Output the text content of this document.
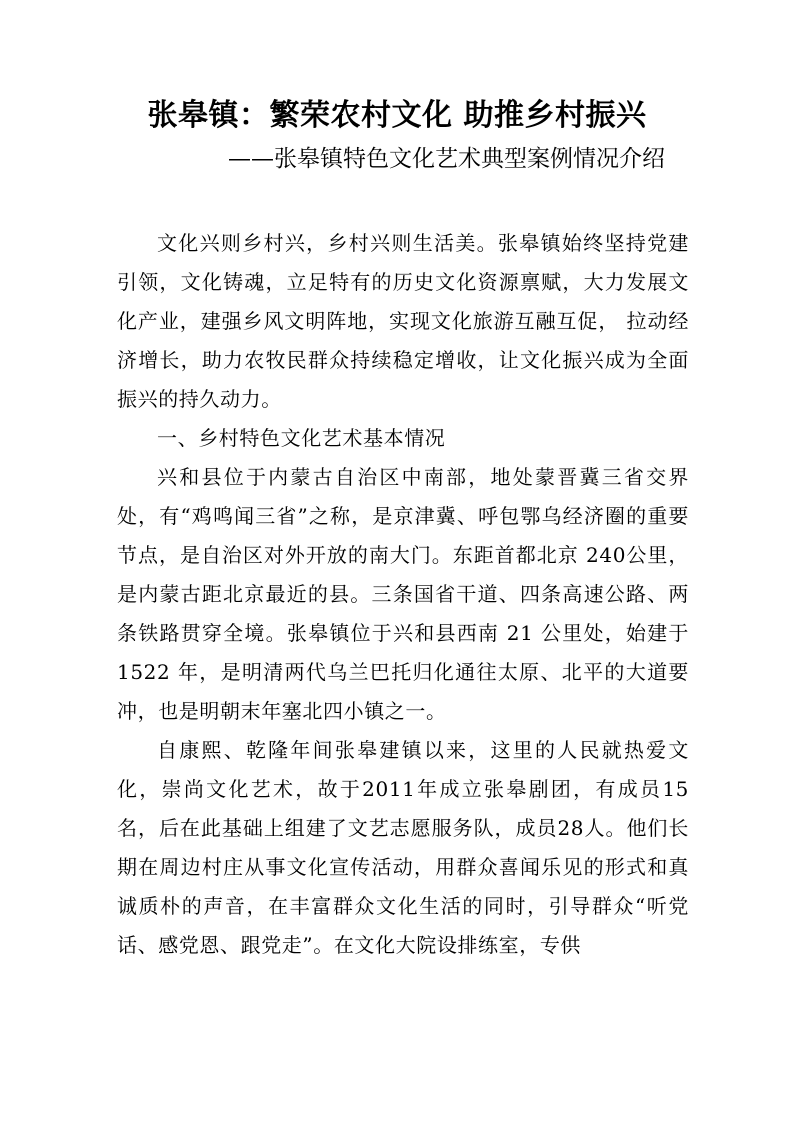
张皋镇：繁荣农村文化 助推乡村振兴
——张皋镇特色文化艺术典型案例情况介绍

文化兴则乡村兴，乡村兴则生活美。张皋镇始终坚持党建引领，文化铸魂，立足特有的历史文化资源禀赋，大力发展文化产业，建强乡风文明阵地，实现文化旅游互融互促， 拉动经济增长，助力农牧民群众持续稳定增收，让文化振兴成为全面振兴的持久动力。

一、乡村特色文化艺术基本情况

兴和县位于内蒙古自治区中南部，地处蒙晋冀三省交界处，有“鸡鸣闻三省”之称，是京津冀、呼包鄂乌经济圈的重要节点，是自治区对外开放的南大门。东距首都北京 240公里，是内蒙古距北京最近的县。三条国省干道、四条高速公路、两条铁路贯穿全境。张皋镇位于兴和县西南 21 公里处，始建于 1522 年，是明清两代乌兰巴托归化通往太原、北平的大道要冲，也是明朝末年塞北四小镇之一。

自康熙、乾隆年间张皋建镇以来，这里的人民就热爱文化，崇尚文化艺术，故于2011年成立张皋剧团，有成员15名，后在此基础上组建了文艺志愿服务队，成员28人。他们长期在周边村庄从事文化宣传活动，用群众喜闻乐见的形式和真诚质朴的声音，在丰富群众文化生活的同时，引导群众“听党话、感党恩、跟党走”。在文化大院设排练室，专供
